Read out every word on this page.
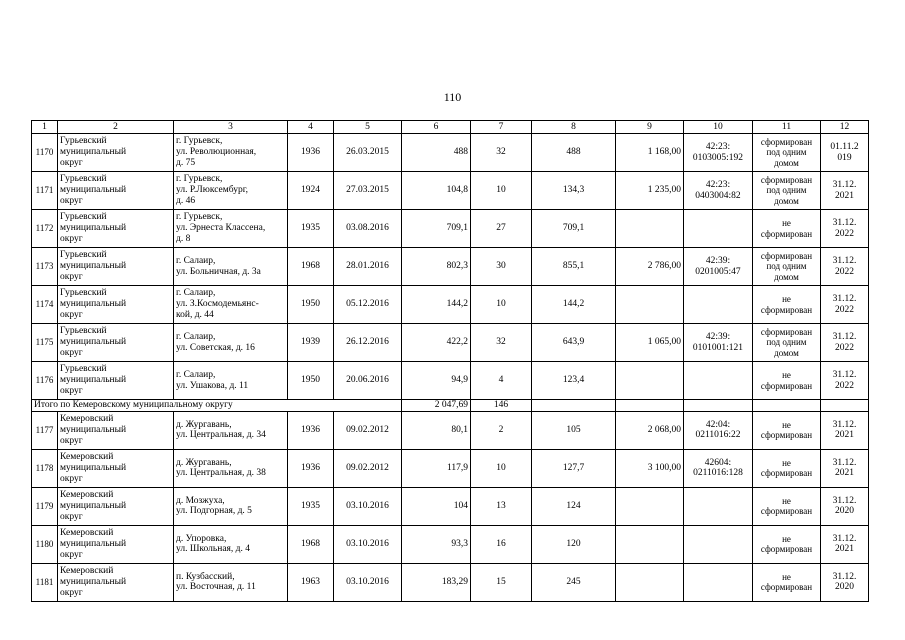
110
1	2	3	4	5	6	7	8	9	10	11	12
1170	Гурьевский
муниципальный
округ	г. Гурьевск,
ул. Революционная,
д. 75	1936	26.03.2015	488	32	488	1 168,00	42:23:
0103005:192	сформирован
под одним
домом	01.11.2
019
1171	Гурьевский
муниципальный
округ	г. Гурьевск,
ул. Р.Люксембург,
д. 46	1924	27.03.2015	104,8	10	134,3	1 235,00	42:23:
0403004:82	сформирован
под одним
домом	31.12.
2021
1172	Гурьевский
муниципальный
округ	г. Гурьевск,
ул. Эрнеста Классена,
д. 8	1935	03.08.2016	709,1	27	709,1			не
сформирован	31.12.
2022
1173	Гурьевский
муниципальный
округ	г. Салаир,
ул. Больничная, д. 3а	1968	28.01.2016	802,3	30	855,1	2 786,00	42:39:
0201005:47	сформирован
под одним
домом	31.12.
2022
1174	Гурьевский
муниципальный
округ	г. Салаир,
ул. З.Космодемьянс-
кой, д. 44	1950	05.12.2016	144,2	10	144,2			не
сформирован	31.12.
2022
1175	Гурьевский
муниципальный
округ	г. Салаир,
ул. Советская, д. 16	1939	26.12.2016	422,2	32	643,9	1 065,00	42:39:
0101001:121	сформирован
под одним
домом	31.12.
2022
1176	Гурьевский
муниципальный
округ	г. Салаир,
ул. Ушакова, д. 11	1950	20.06.2016	94,9	4	123,4			не
сформирован	31.12.
2022
Итого по Кемеровскому муниципальному округу					2 047,69	146					
1177	Кемеровский
муниципальный
округ	д. Жургавань,
ул. Центральная, д. 34	1936	09.02.2012	80,1	2	105	2 068,00	42:04:
0211016:22	не
сформирован	31.12.
2021
1178	Кемеровский
муниципальный
округ	д. Жургавань,
ул. Центральная, д. 38	1936	09.02.2012	117,9	10	127,7	3 100,00	42604:
0211016:128	не
сформирован	31.12.
2021
1179	Кемеровский
муниципальный
округ	д. Мозжуха,
ул. Подгорная, д. 5	1935	03.10.2016	104	13	124			не
сформирован	31.12.
2020
1180	Кемеровский
муниципальный
округ	д. Упоровка,
ул. Школьная, д. 4	1968	03.10.2016	93,3	16	120			не
сформирован	31.12.
2021
1181	Кемеровский
муниципальный
округ	п. Кузбасский,
ул. Восточная, д. 11	1963	03.10.2016	183,29	15	245			не
сформирован	31.12.
2020
